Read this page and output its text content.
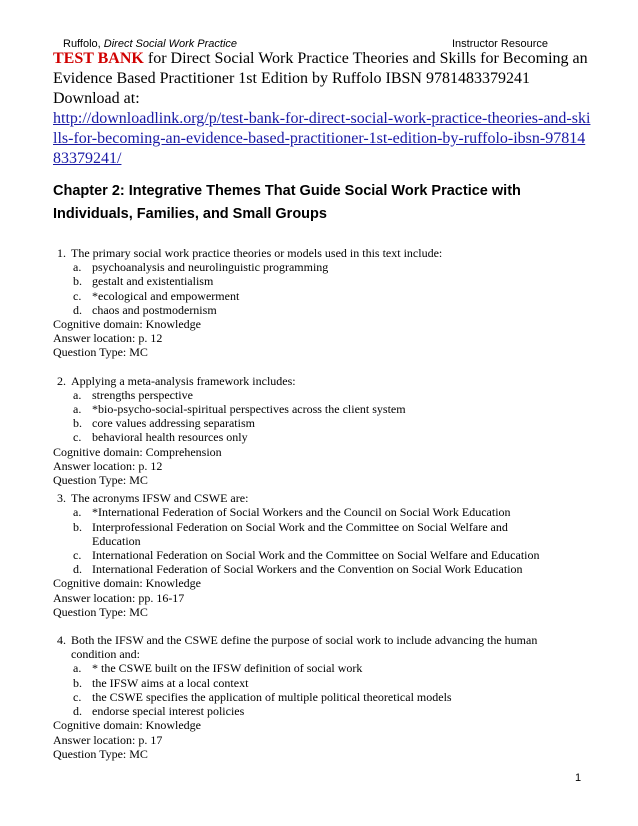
Ruffolo, Direct Social Work Practice	Instructor Resource
TEST BANK for Direct Social Work Practice Theories and Skills for Becoming an Evidence Based Practitioner 1st Edition by Ruffolo IBSN 9781483379241
Download at:
http://downloadlink.org/p/test-bank-for-direct-social-work-practice-theories-and-skills-for-becoming-an-evidence-based-practitioner-1st-edition-by-ruffolo-ibsn-9781483379241/
Chapter 2: Integrative Themes That Guide Social Work Practice with Individuals, Families, and Small Groups
1. The primary social work practice theories or models used in this text include:
a. psychoanalysis and neurolinguistic programming
b. gestalt and existentialism
c. *ecological and empowerment
d. chaos and postmodernism
Cognitive domain: Knowledge
Answer location: p. 12
Question Type: MC
2. Applying a meta-analysis framework includes:
a. strengths perspective
a. *bio-psycho-social-spiritual perspectives across the client system
b. core values addressing separatism
c. behavioral health resources only
Cognitive domain: Comprehension
Answer location: p. 12
Question Type: MC
3. The acronyms IFSW and CSWE are:
a. *International Federation of Social Workers and the Council on Social Work Education
b. Interprofessional Federation on Social Work and the Committee on Social Welfare and
Education
c. International Federation on Social Work and the Committee on Social Welfare and Education
d. International Federation of Social Workers and the Convention on Social Work Education
Cognitive domain: Knowledge
Answer location: pp. 16-17
Question Type: MC
4. Both the IFSW and the CSWE define the purpose of social work to include advancing the human
condition and:
a. * the CSWE built on the IFSW definition of social work
b. the IFSW aims at a local context
c. the CSWE specifies the application of multiple political theoretical models
d. endorse special interest policies
Cognitive domain: Knowledge
Answer location: p. 17
Question Type: MC
1
